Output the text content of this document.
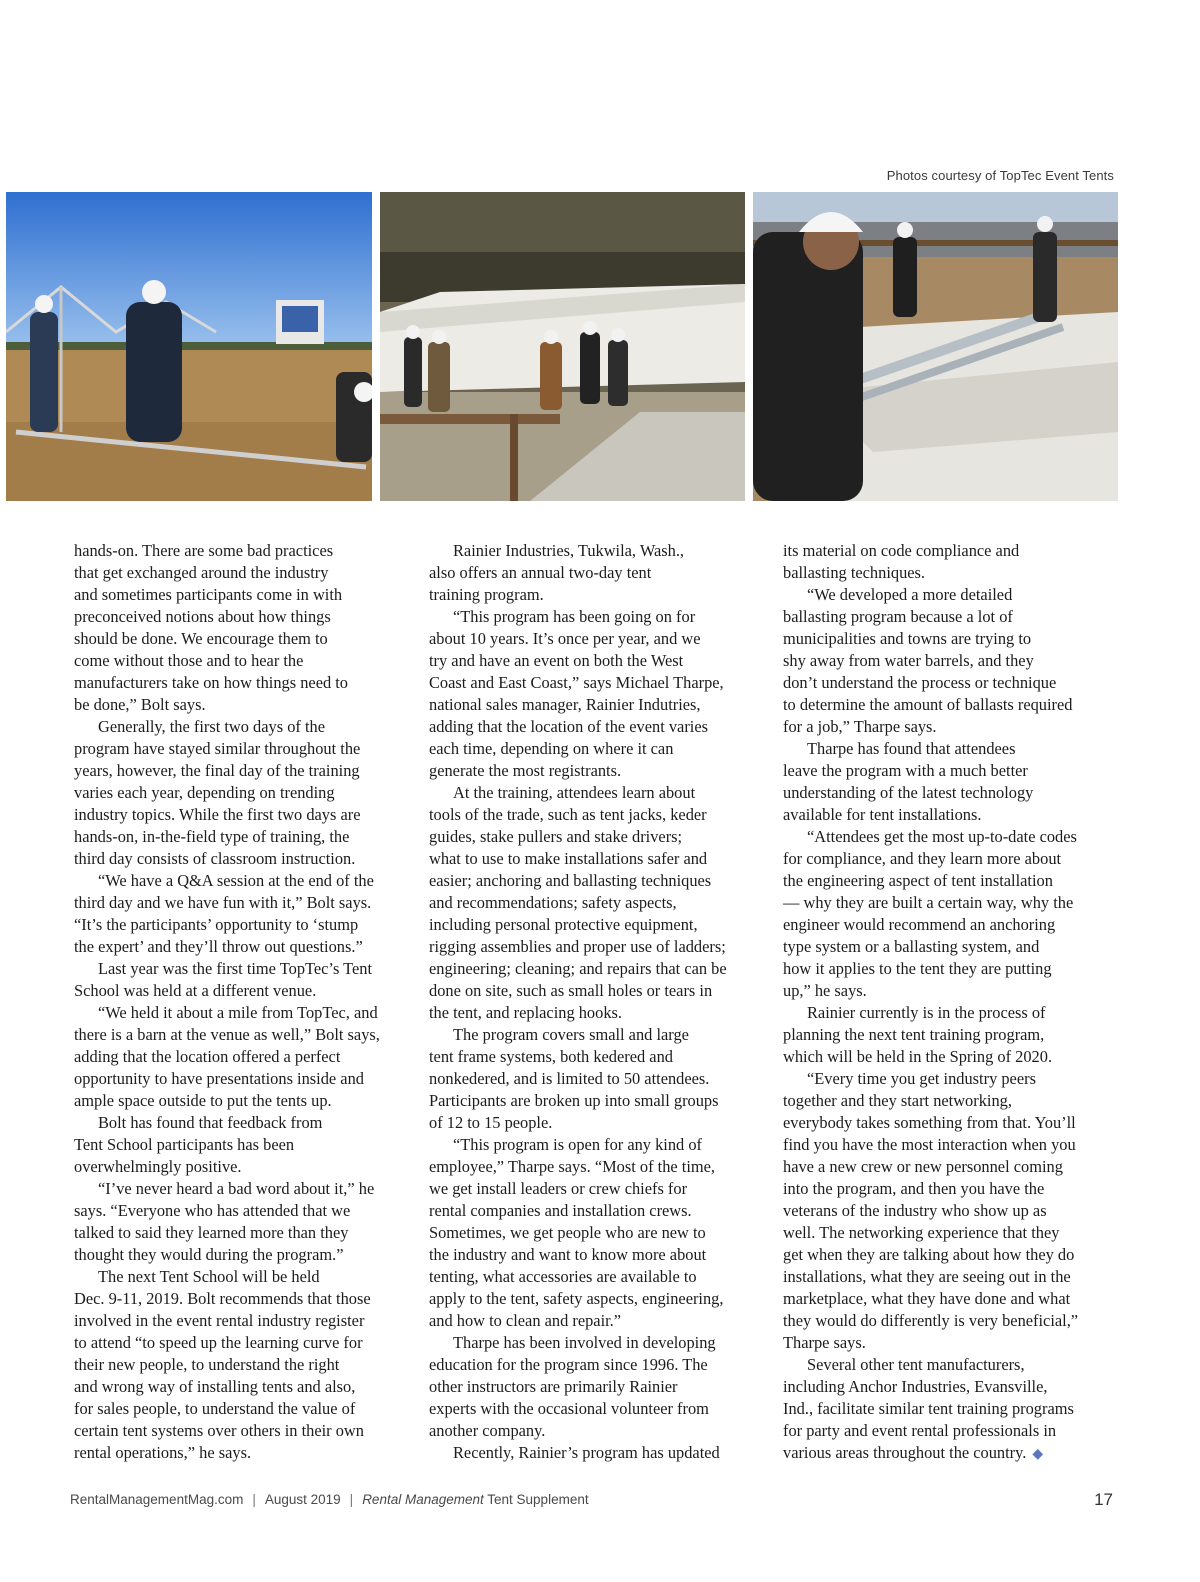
Photos courtesy of TopTec Event Tents

hands-on. There are some bad practices
that get exchanged around the industry
and sometimes participants come in with
preconceived notions about how things
should be done. We encourage them to
come without those and to hear the
manufacturers take on how things need to
be done,” Bolt says.

Generally, the first two days of the
program have stayed similar throughout the
years, however, the final day of the training
varies each year, depending on trending
industry topics. While the first two days are
hands-on, in-the-field type of training, the
third day consists of classroom instruction.

“We have a Q&A session at the end of the
third day and we have fun with it,” Bolt says.
“It’s the participants’ opportunity to ‘stump
the expert’ and they’ll throw out questions.”

Last year was the first time TopTec’s Tent
School was held at a different venue.

“We held it about a mile from TopTec, and
there is a barn at the venue as well,” Bolt says,
adding that the location offered a perfect
opportunity to have presentations inside and
ample space outside to put the tents up.

Bolt has found that feedback from
Tent School participants has been
overwhelmingly positive.

“I’ve never heard a bad word about it,” he
says. “Everyone who has attended that we
talked to said they learned more than they
thought they would during the program.”

The next Tent School will be held
Dec. 9-11, 2019. Bolt recommends that those
involved in the event rental industry register
to attend “to speed up the learning curve for
their new people, to understand the right
and wrong way of installing tents and also,
for sales people, to understand the value of
certain tent systems over others in their own
rental operations,” he says.

Rainier Industries, Tukwila, Wash.,
also offers an annual two-day tent
training program.

“This program has been going on for
about 10 years. It’s once per year, and we
try and have an event on both the West
Coast and East Coast,” says Michael Tharpe,
national sales manager, Rainier Indutries,
adding that the location of the event varies
each time, depending on where it can
generate the most registrants.

At the training, attendees learn about
tools of the trade, such as tent jacks, keder
guides, stake pullers and stake drivers;
what to use to make installations safer and
easier; anchoring and ballasting techniques
and recommendations; safety aspects,
including personal protective equipment,
rigging assemblies and proper use of ladders;
engineering; cleaning; and repairs that can be
done on site, such as small holes or tears in
the tent, and replacing hooks.

The program covers small and large
tent frame systems, both kedered and
nonkedered, and is limited to 50 attendees.
Participants are broken up into small groups
of 12 to 15 people.

“This program is open for any kind of
employee,” Tharpe says. “Most of the time,
we get install leaders or crew chiefs for
rental companies and installation crews.
Sometimes, we get people who are new to
the industry and want to know more about
tenting, what accessories are available to
apply to the tent, safety aspects, engineering,
and how to clean and repair.”

Tharpe has been involved in developing
education for the program since 1996. The
other instructors are primarily Rainier
experts with the occasional volunteer from
another company.

Recently, Rainier’s program has updated

its material on code compliance and
ballasting techniques.

“We developed a more detailed
ballasting program because a lot of
municipalities and towns are trying to
shy away from water barrels, and they
don’t understand the process or technique
to determine the amount of ballasts required
for a job,” Tharpe says.

Tharpe has found that attendees
leave the program with a much better
understanding of the latest technology
available for tent installations.

“Attendees get the most up-to-date codes
for compliance, and they learn more about
the engineering aspect of tent installation
— why they are built a certain way, why the
engineer would recommend an anchoring
type system or a ballasting system, and
how it applies to the tent they are putting
up,” he says.

Rainier currently is in the process of
planning the next tent training program,
which will be held in the Spring of 2020.

“Every time you get industry peers
together and they start networking,
everybody takes something from that. You’ll
find you have the most interaction when you
have a new crew or new personnel coming
into the program, and then you have the
veterans of the industry who show up as
well. The networking experience that they
get when they are talking about how they do
installations, what they are seeing out in the
marketplace, what they have done and what
they would do differently is very beneficial,”
Tharpe says.

Several other tent manufacturers,
including Anchor Industries, Evansville,
Ind., facilitate similar tent training programs
for party and event rental professionals in
various areas throughout the country. ◆

RentalManagementMag.com | August 2019 | Rental Management Tent Supplement	17
